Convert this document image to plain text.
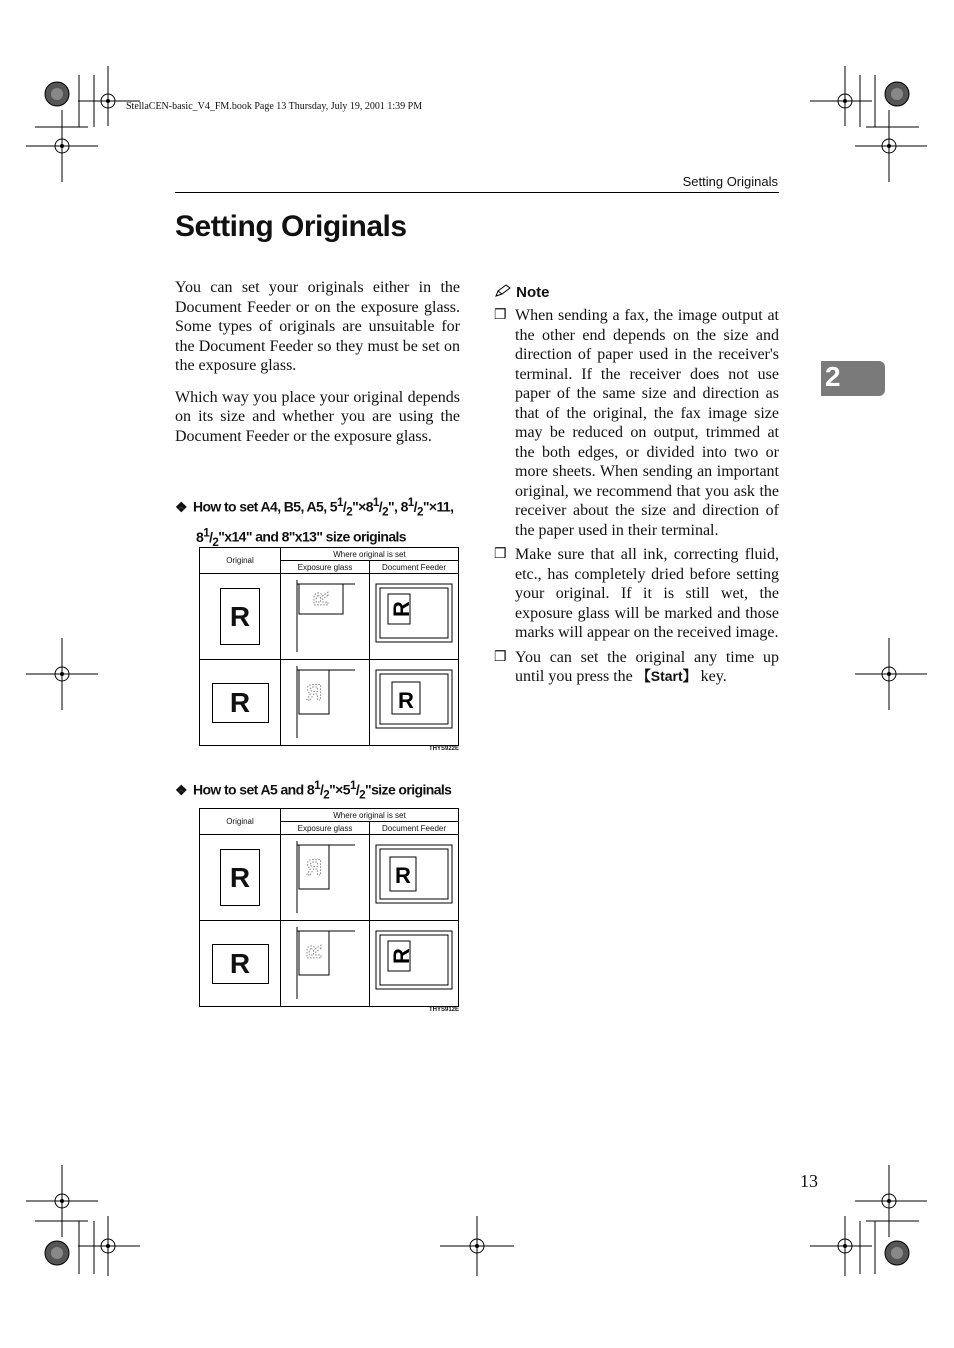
StellaCEN-basic_V4_FM.book Page 13 Thursday, July 19, 2001 1:39 PM
Setting Originals
Setting Originals

You can set your originals either in the Document Feeder or on the exposure glass. Some types of originals are unsuitable for the Document Feeder so they must be set on the exposure glass.

Which way you place your original depends on its size and whether you are using the Document Feeder or the exposure glass.

❖ How to set A4, B5, A5, $5^1/_2"\times 8^1/_2$", $8^1/_2"\times 11$,
$8^1/_2"x14$" and 8"x13" size originals
Original	Where original is set	
	Exposure glass	Document Feeder
R	R	R

R	R	R
THYS922E
❖ How to set A5 and $8^1/_2"\times 5^1/_2"size$ originals
Original	Where original is set	
	Exposure glass	Document Feeder
R	R	R

R	R	R
THYS912E
Note
❒ When sending a fax, the image output at the other end depends on the size and direction of paper used in the receiver's terminal. If the receiver does not use paper of the same size and direction as that of the original, the fax image size may be reduced on output, trimmed at the both edges, or divided into two or more sheets. When sending an important original, we recommend that you ask the receiver about the size and direction of the paper used in their terminal.
❒ Make sure that all ink, correcting fluid, etc., has completely dried before setting your original. If it is still wet, the exposure glass will be marked and those marks will appear on the received image.
❒ You can set the original any time up until you press the 【Start】 key.
2
13
